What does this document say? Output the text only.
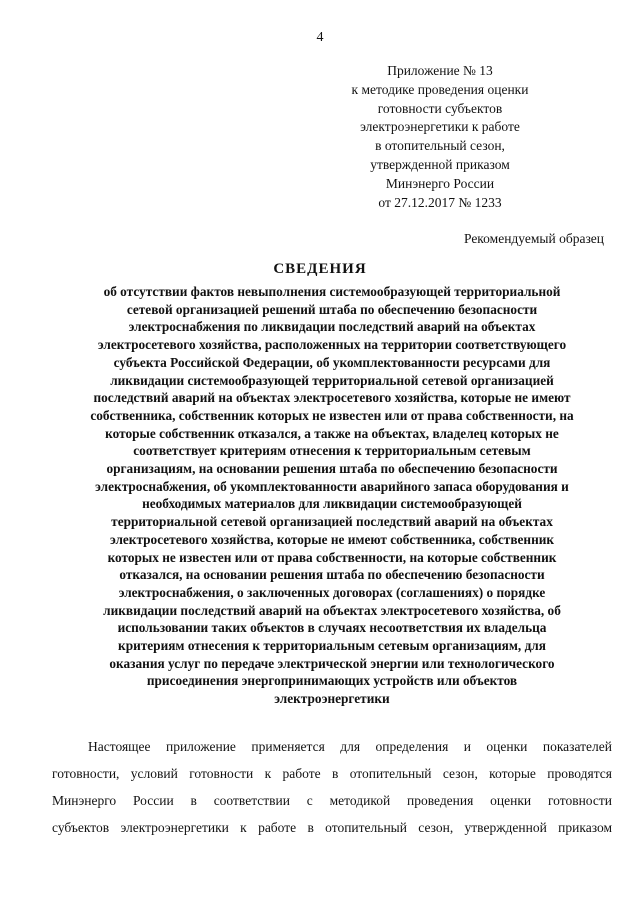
4
Приложение № 13
к методике проведения оценки
готовности субъектов
электроэнергетики к работе
в отопительный сезон,
утвержденной приказом
Минэнерго России
от 27.12.2017 № 1233
Рекомендуемый образец
СВЕДЕНИЯ
об отсутствии фактов невыполнения системообразующей территориальной
сетевой организацией решений штаба по обеспечению безопасности
электроснабжения по ликвидации последствий аварий на объектах
электросетевого хозяйства, расположенных на территории соответствующего
субъекта Российской Федерации, об укомплектованности ресурсами для
ликвидации системообразующей территориальной сетевой организацией
последствий аварий на объектах электросетевого хозяйства, которые не имеют
собственника, собственник которых не известен или от права собственности, на
которые собственник отказался, а также на объектах, владелец которых не
соответствует критериям отнесения к территориальным сетевым
организациям, на основании решения штаба по обеспечению безопасности
электроснабжения, об укомплектованности аварийного запаса оборудования и
необходимых материалов для ликвидации системообразующей
территориальной сетевой организацией последствий аварий на объектах
электросетевого хозяйства, которые не имеют собственника, собственник
которых не известен или от права собственности, на которые собственник
отказался, на основании решения штаба по обеспечению безопасности
электроснабжения, о заключенных договорах (соглашениях) о порядке
ликвидации последствий аварий на объектах электросетевого хозяйства, об
использовании таких объектов в случаях несоответствия их владельца
критериям отнесения к территориальным сетевым организациям, для
оказания услуг по передаче электрической энергии или технологического
присоединения энергопринимающих устройств или объектов
электроэнергетики
Настоящее приложение применяется для определения и оценки показателей
готовности, условий готовности к работе в отопительный сезон, которые проводятся
Минэнерго России в соответствии с методикой проведения оценки готовности
субъектов электроэнергетики к работе в отопительный сезон, утвержденной приказом
